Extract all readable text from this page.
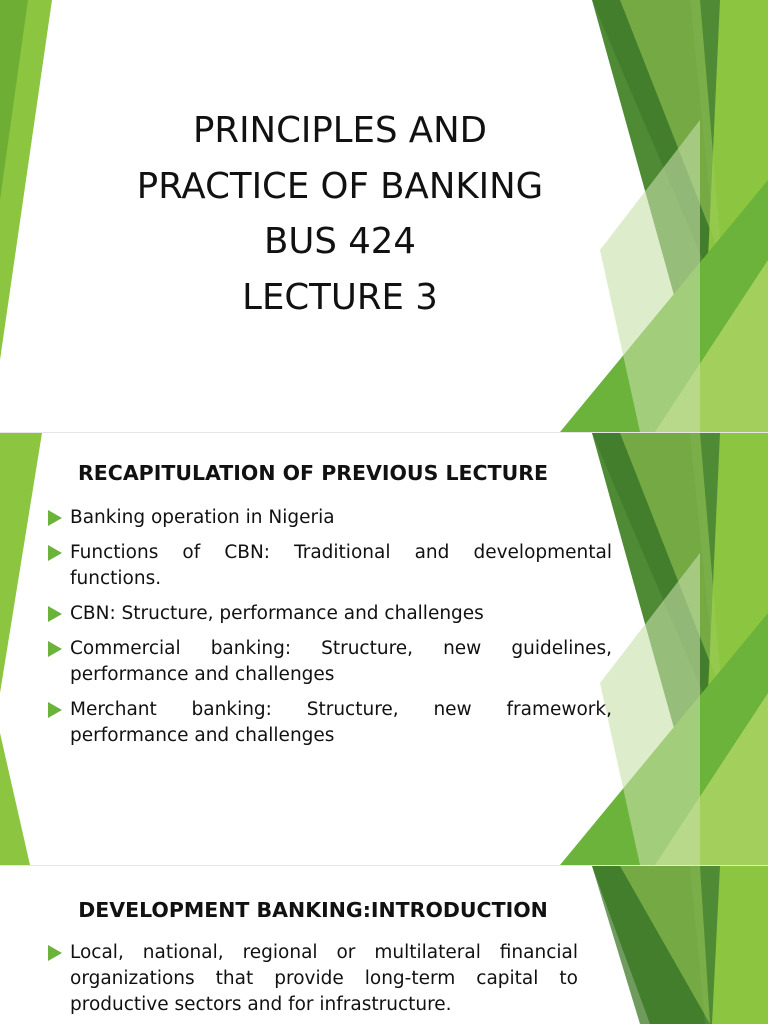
PRINCIPLES AND
PRACTICE OF BANKING
BUS 424
LECTURE 3
RECAPITULATION OF PREVIOUS LECTURE
Banking operation in Nigeria
Functions of CBN: Traditional and developmental functions.
CBN: Structure, performance and challenges
Commercial banking: Structure, new guidelines, performance and challenges
Merchant banking: Structure, new framework, performance and challenges
DEVELOPMENT BANKING:INTRODUCTION
Local, national, regional or multilateral financial organizations that provide long-term capital to productive sectors and for infrastructure.
